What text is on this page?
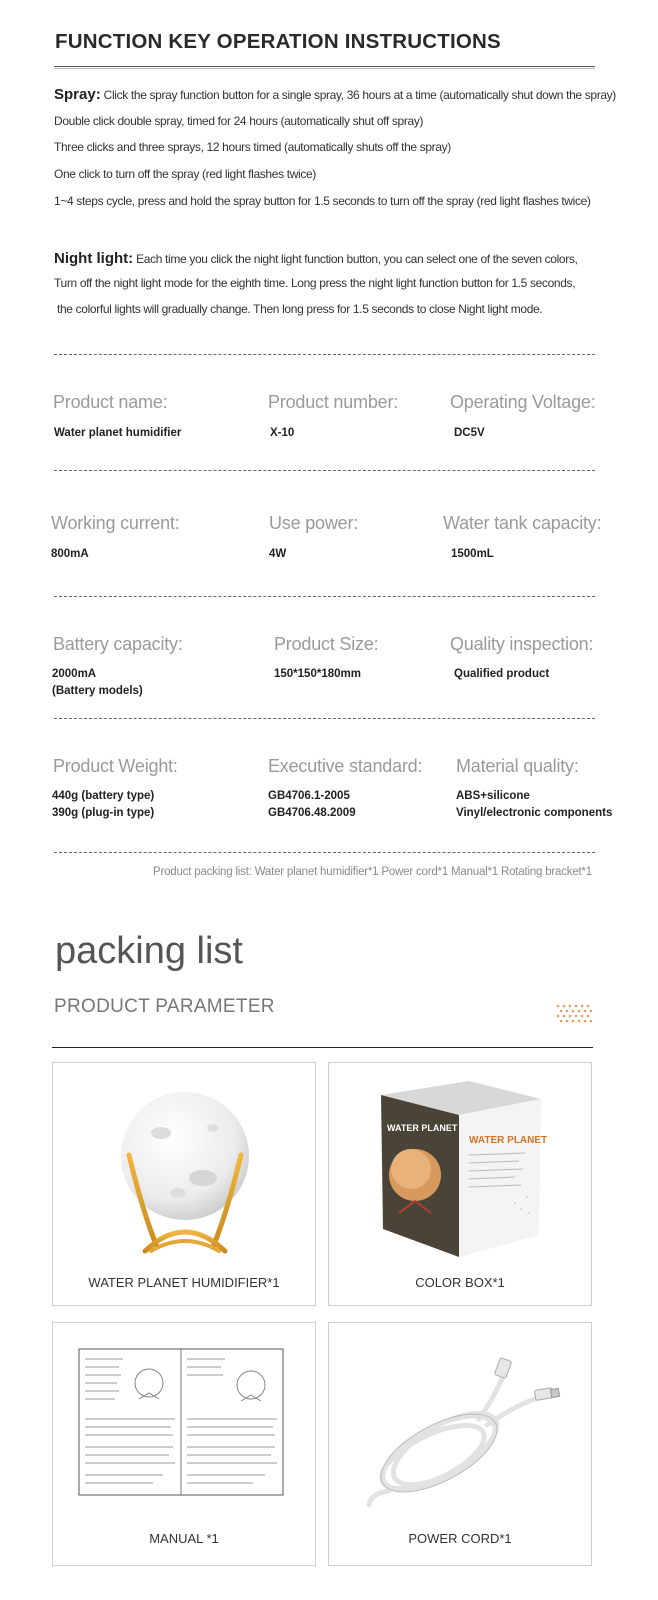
FUNCTION KEY OPERATION INSTRUCTIONS
Spray: Click the spray function button for a single spray, 36 hours at a time (automatically shut down the spray)
Double click double spray, timed for 24 hours (automatically shut off spray)
Three clicks and three sprays, 12 hours timed (automatically shuts off the spray)
One click to turn off the spray (red light flashes twice)
1~4 steps cycle, press and hold the spray button for 1.5 seconds to turn off the spray (red light flashes twice)
Night light: Each time you click the night light function button, you can select one of the seven colors,
Turn off the night light mode for the eighth time. Long press the night light function button for 1.5 seconds,
the colorful lights will gradually change. Then long press for 1.5 seconds to close Night light mode.
Product name:
Water planet humidifier
Product number:
X-10
Operating Voltage:
DC5V
Working current:
800mA
Use power:
4W
Water tank capacity:
1500mL
Battery capacity:
2000mA
(Battery models)
Product Size:
150*150*180mm
Quality inspection:
Qualified product
Product Weight:
440g (battery type)
390g (plug-in type)
Executive standard:
GB4706.1-2005
GB4706.48.2009
Material quality:
ABS+silicone
Vinyl/electronic components
Product packing list: Water planet humidifier*1 Power cord*1 Manual*1 Rotating bracket*1
packing list
PRODUCT PARAMETER
WATER PLANET HUMIDIFIER*1
WATER PLANET
WATER PLANET
COLOR BOX*1
MANUAL *1	POWER CORD*1
